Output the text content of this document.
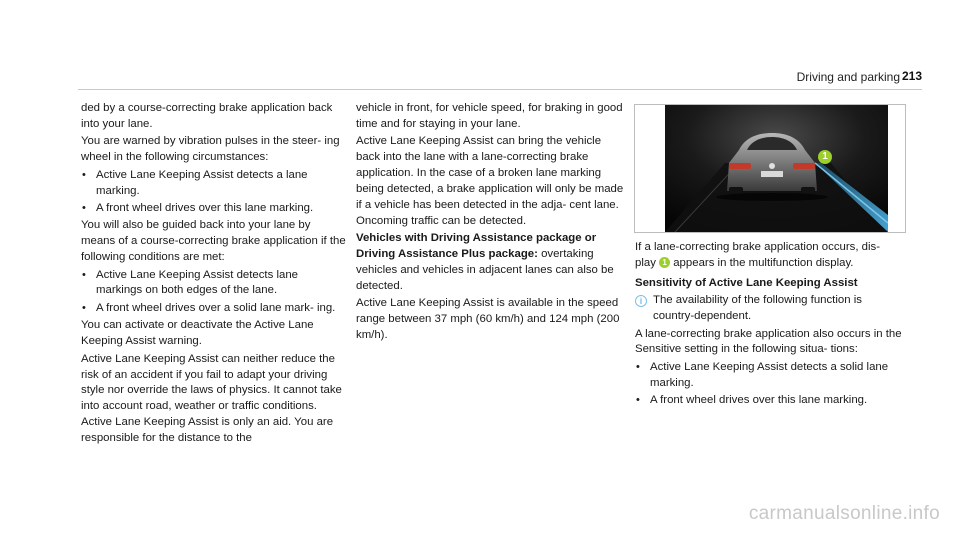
Driving and parking 213

ded by a course-correcting brake application back into your lane.

You are warned by vibration pulses in the steer- ing wheel in the following circumstances:

• Active Lane Keeping Assist detects a lane marking.
• A front wheel drives over this lane marking.

You will also be guided back into your lane by means of a course-correcting brake application if the following conditions are met:

• Active Lane Keeping Assist detects lane markings on both edges of the lane.
• A front wheel drives over a solid lane mark- ing.

You can activate or deactivate the Active Lane Keeping Assist warning.

Active Lane Keeping Assist can neither reduce the risk of an accident if you fail to adapt your driving style nor override the laws of physics. It cannot take into account road, weather or traffic conditions. Active Lane Keeping Assist is only an aid. You are responsible for the distance to the

vehicle in front, for vehicle speed, for braking in good time and for staying in your lane.

Active Lane Keeping Assist can bring the vehicle back into the lane with a lane-correcting brake application. In the case of a broken lane marking being detected, a brake application will only be made if a vehicle has been detected in the adja- cent lane. Oncoming traffic can be detected.

Vehicles with Driving Assistance package or Driving Assistance Plus package: overtaking vehicles and vehicles in adjacent lanes can also be detected.

Active Lane Keeping Assist is available in the speed range between 37 mph (60 km/h) and 124 mph (200 km/h).

1

If a lane-correcting brake application occurs, dis- play 1 appears in the multifunction display.

Sensitivity of Active Lane Keeping Assist

i The availability of the following function is country-dependent.

A lane-correcting brake application also occurs in the Sensitive setting in the following situa- tions:

• Active Lane Keeping Assist detects a solid lane marking.
• A front wheel drives over this lane marking.
carmanualsonline.info
